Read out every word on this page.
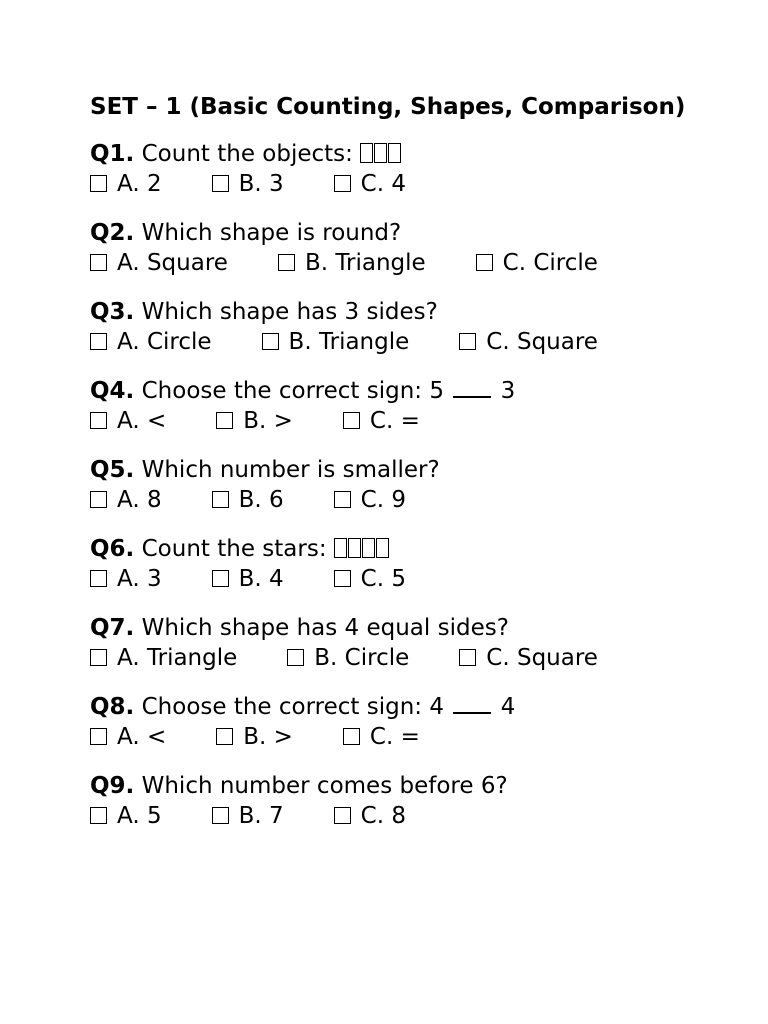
SET – 1 (Basic Counting, Shapes, Comparison)
Q1. Count the objects:
A. 2	B. 3	C. 4
Q2. Which shape is round?
A. Square	B. Triangle	C. Circle
Q3. Which shape has 3 sides?
A. Circle	B. Triangle	C. Square
Q4. Choose the correct sign: 5 3
A. <	B. >	C. =
Q5. Which number is smaller?
A. 8	B. 6	C. 9
Q6. Count the stars:
A. 3	B. 4	C. 5
Q7. Which shape has 4 equal sides?
A. Triangle	B. Circle	C. Square
Q8. Choose the correct sign: 4 4
A. <	B. >	C. =
Q9. Which number comes before 6?
A. 5	B. 7	C. 8
